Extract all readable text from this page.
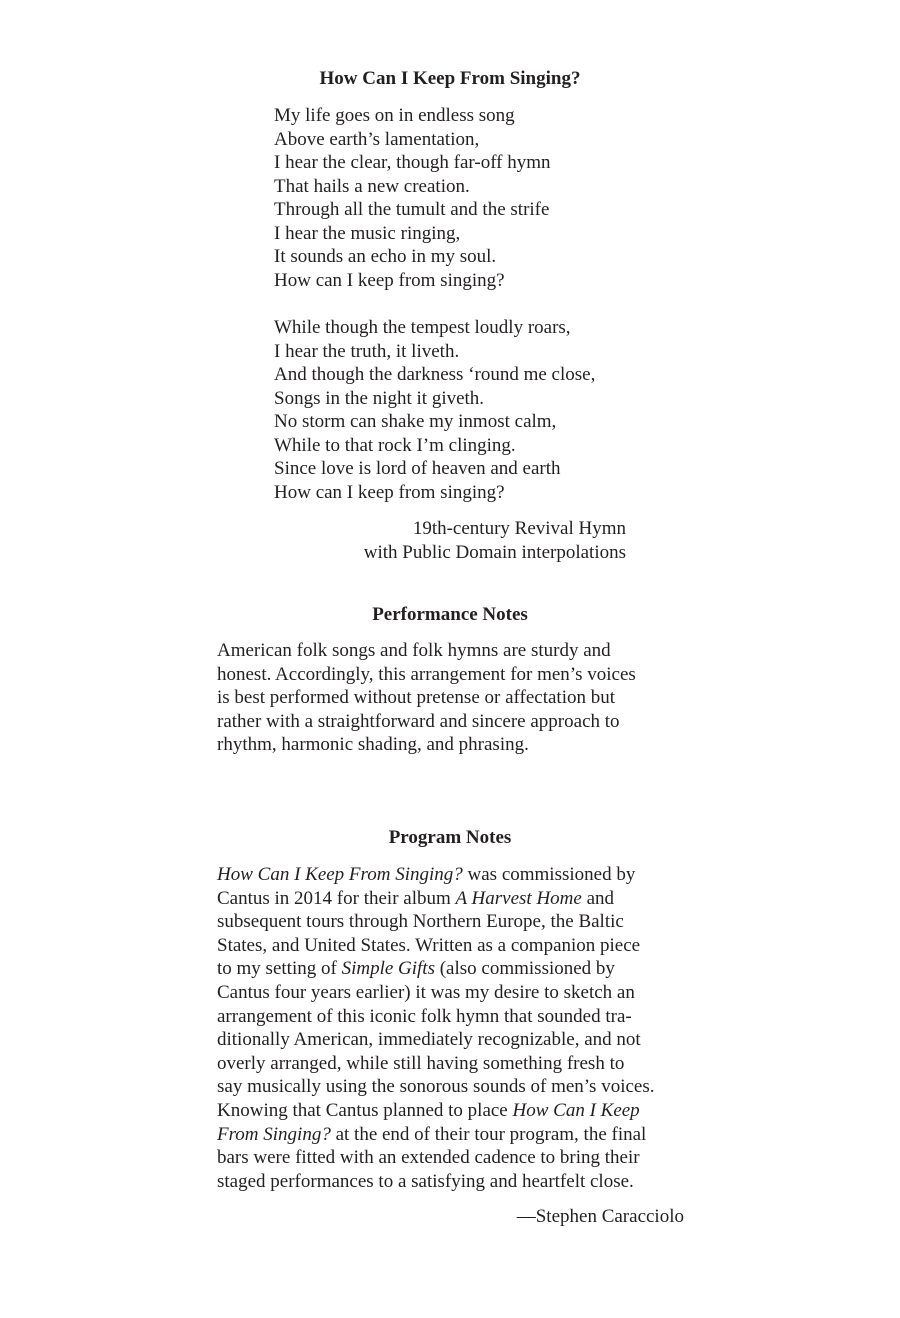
How Can I Keep From Singing?
My life goes on in endless song
Above earth’s lamentation,
I hear the clear, though far-off hymn
That hails a new creation.
Through all the tumult and the strife
I hear the music ringing,
It sounds an echo in my soul.
How can I keep from singing?
While though the tempest loudly roars,
I hear the truth, it liveth.
And though the darkness ‘round me close,
Songs in the night it giveth.
No storm can shake my inmost calm,
While to that rock I’m clinging.
Since love is lord of heaven and earth
How can I keep from singing?
19th-century Revival Hymn
with Public Domain interpolations
Performance Notes
American folk songs and folk hymns are sturdy and
honest. Accordingly, this arrangement for men’s voices
is best performed without pretense or affectation but
rather with a straightforward and sincere approach to
rhythm, harmonic shading, and phrasing.
Program Notes
How Can I Keep From Singing? was commissioned by
Cantus in 2014 for their album A Harvest Home and
subsequent tours through Northern Europe, the Baltic
States, and United States. Written as a companion piece
to my setting of Simple Gifts (also commissioned by
Cantus four years earlier) it was my desire to sketch an
arrangement of this iconic folk hymn that sounded tra-
ditionally American, immediately recognizable, and not
overly arranged, while still having something fresh to
say musically using the sonorous sounds of men’s voices.
Knowing that Cantus planned to place How Can I Keep
From Singing? at the end of their tour program, the final
bars were fitted with an extended cadence to bring their
staged performances to a satisfying and heartfelt close.
—Stephen Caracciolo
